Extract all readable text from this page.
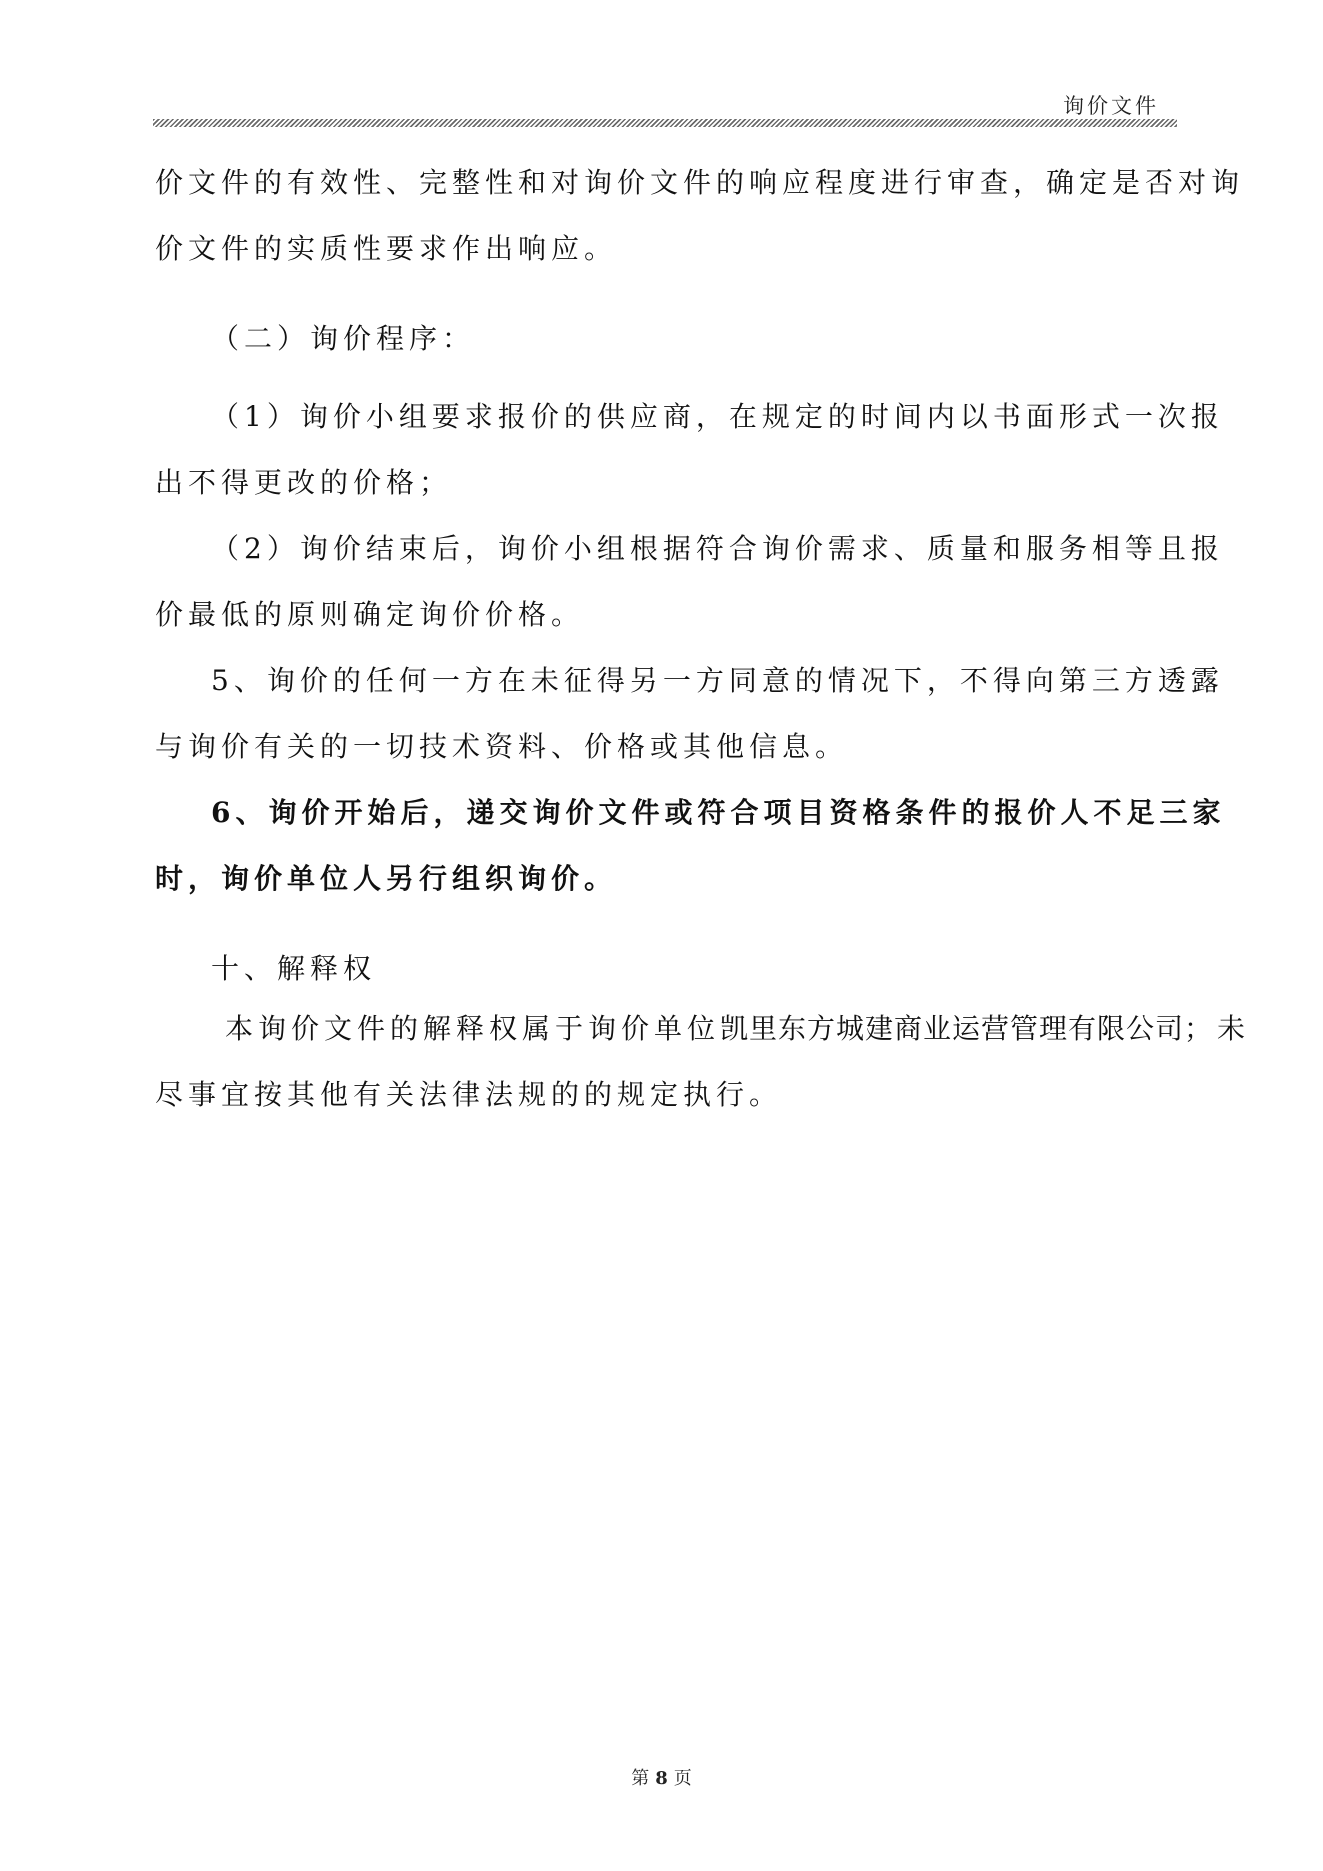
询价文件
价文件的有效性、完整性和对询价文件的响应程度进行审查，确定是否对询
价文件的实质性要求作出响应。
（二）询价程序：
（1）询价小组要求报价的供应商，在规定的时间内以书面形式一次报
出不得更改的价格；
（2）询价结束后，询价小组根据符合询价需求、质量和服务相等且报
价最低的原则确定询价价格。
5、询价的任何一方在未征得另一方同意的情况下，不得向第三方透露
与询价有关的一切技术资料、价格或其他信息。
6、询价开始后，递交询价文件或符合项目资格条件的报价人不足三家
时，询价单位人另行组织询价。
十、解释权
本询价文件的解释权属于询价单位凯里东方城建商业运营管理有限公司；未
尽事宜按其他有关法律法规的的规定执行。
第 8 页
